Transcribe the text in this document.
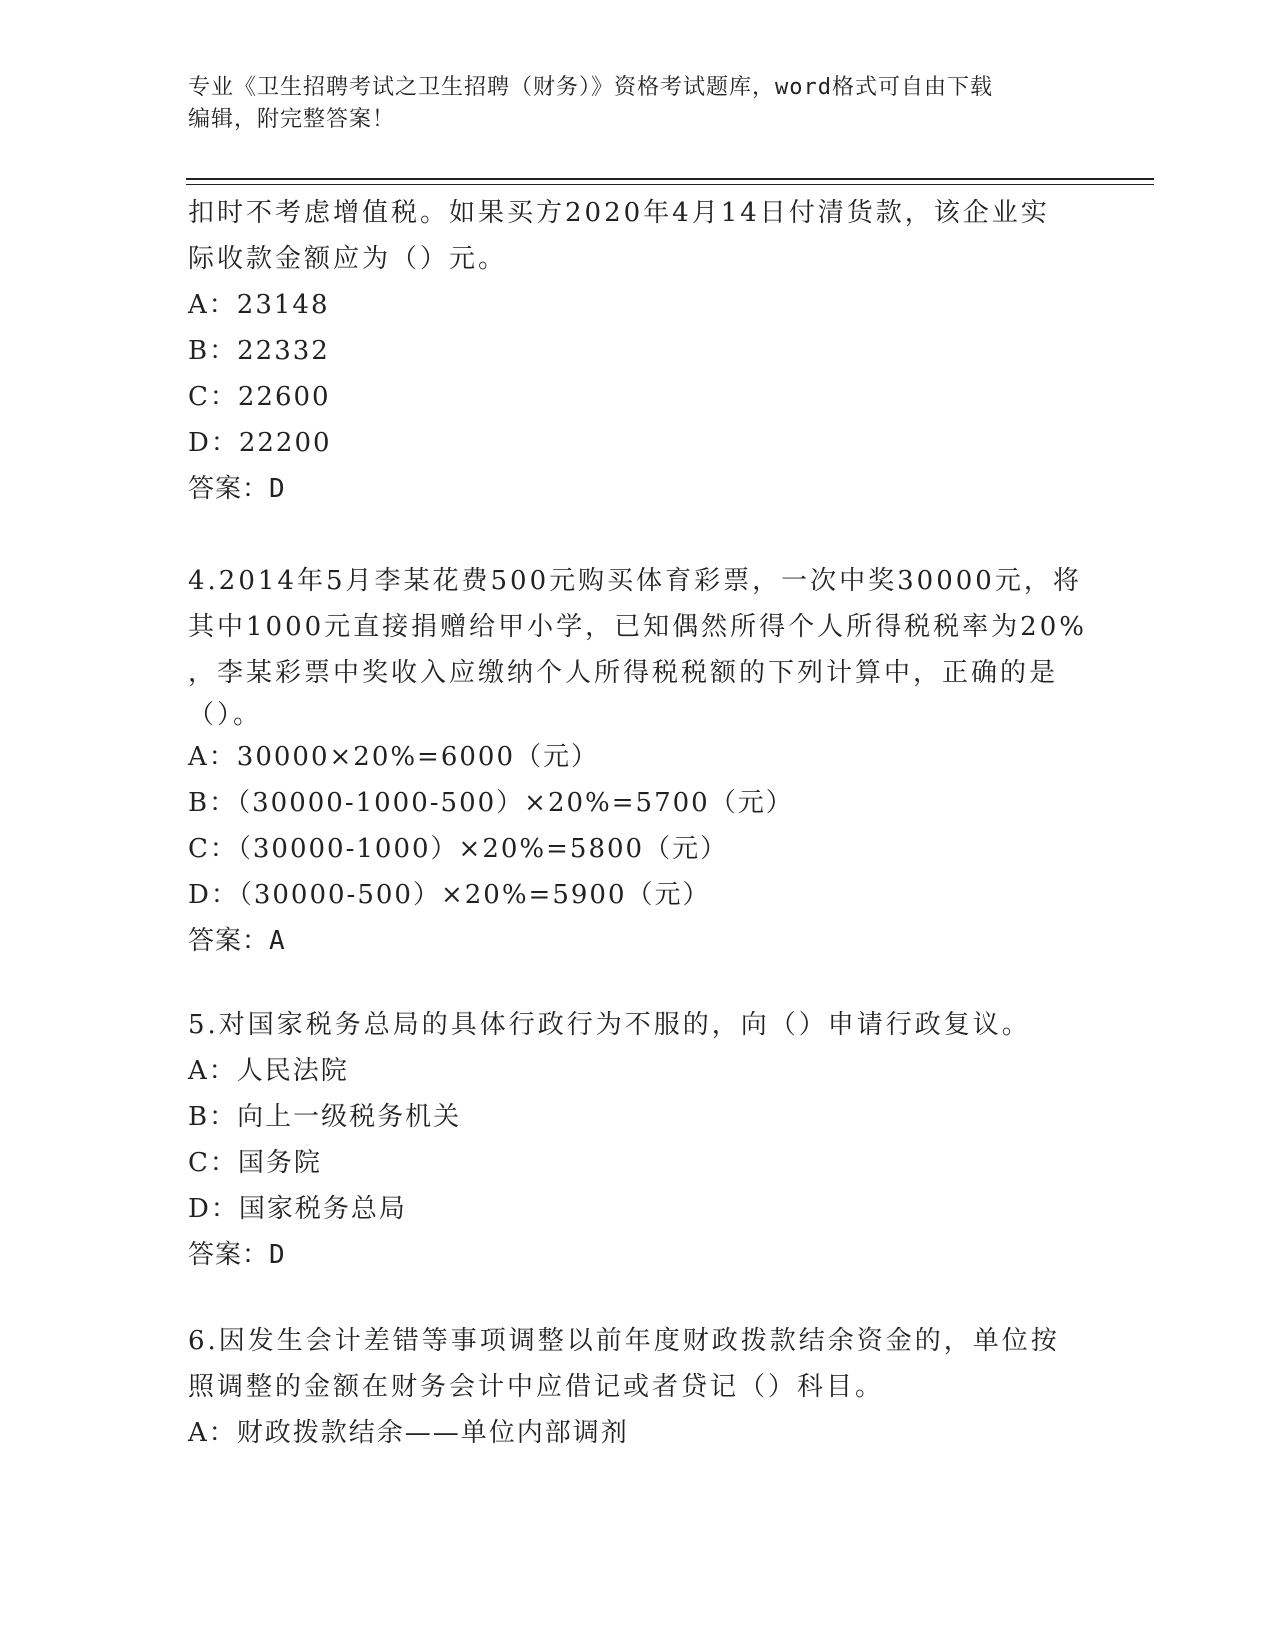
专业《卫生招聘考试之卫生招聘（财务）》资格考试题库，word格式可自由下载
编辑，附完整答案！
扣时不考虑增值税。如果买方2020年4月14日付清货款，该企业实
际收款金额应为（）元。
A：23148
B：22332
C：22600
D：22200
答案：D
4.2014年5月李某花费500元购买体育彩票，一次中奖30000元，将
其中1000元直接捐赠给甲小学，已知偶然所得个人所得税税率为20%
，李某彩票中奖收入应缴纳个人所得税税额的下列计算中，正确的是
（）。
A：30000×20%=6000（元）
B：（30000-1000-500）×20%=5700（元）
C：（30000-1000）×20%=5800（元）
D：（30000-500）×20%=5900（元）
答案：A
5.对国家税务总局的具体行政行为不服的，向（）申请行政复议。
A：人民法院
B：向上一级税务机关
C：国务院
D：国家税务总局
答案：D
6.因发生会计差错等事项调整以前年度财政拨款结余资金的，单位按
照调整的金额在财务会计中应借记或者贷记（）科目。
A：财政拨款结余——单位内部调剂
